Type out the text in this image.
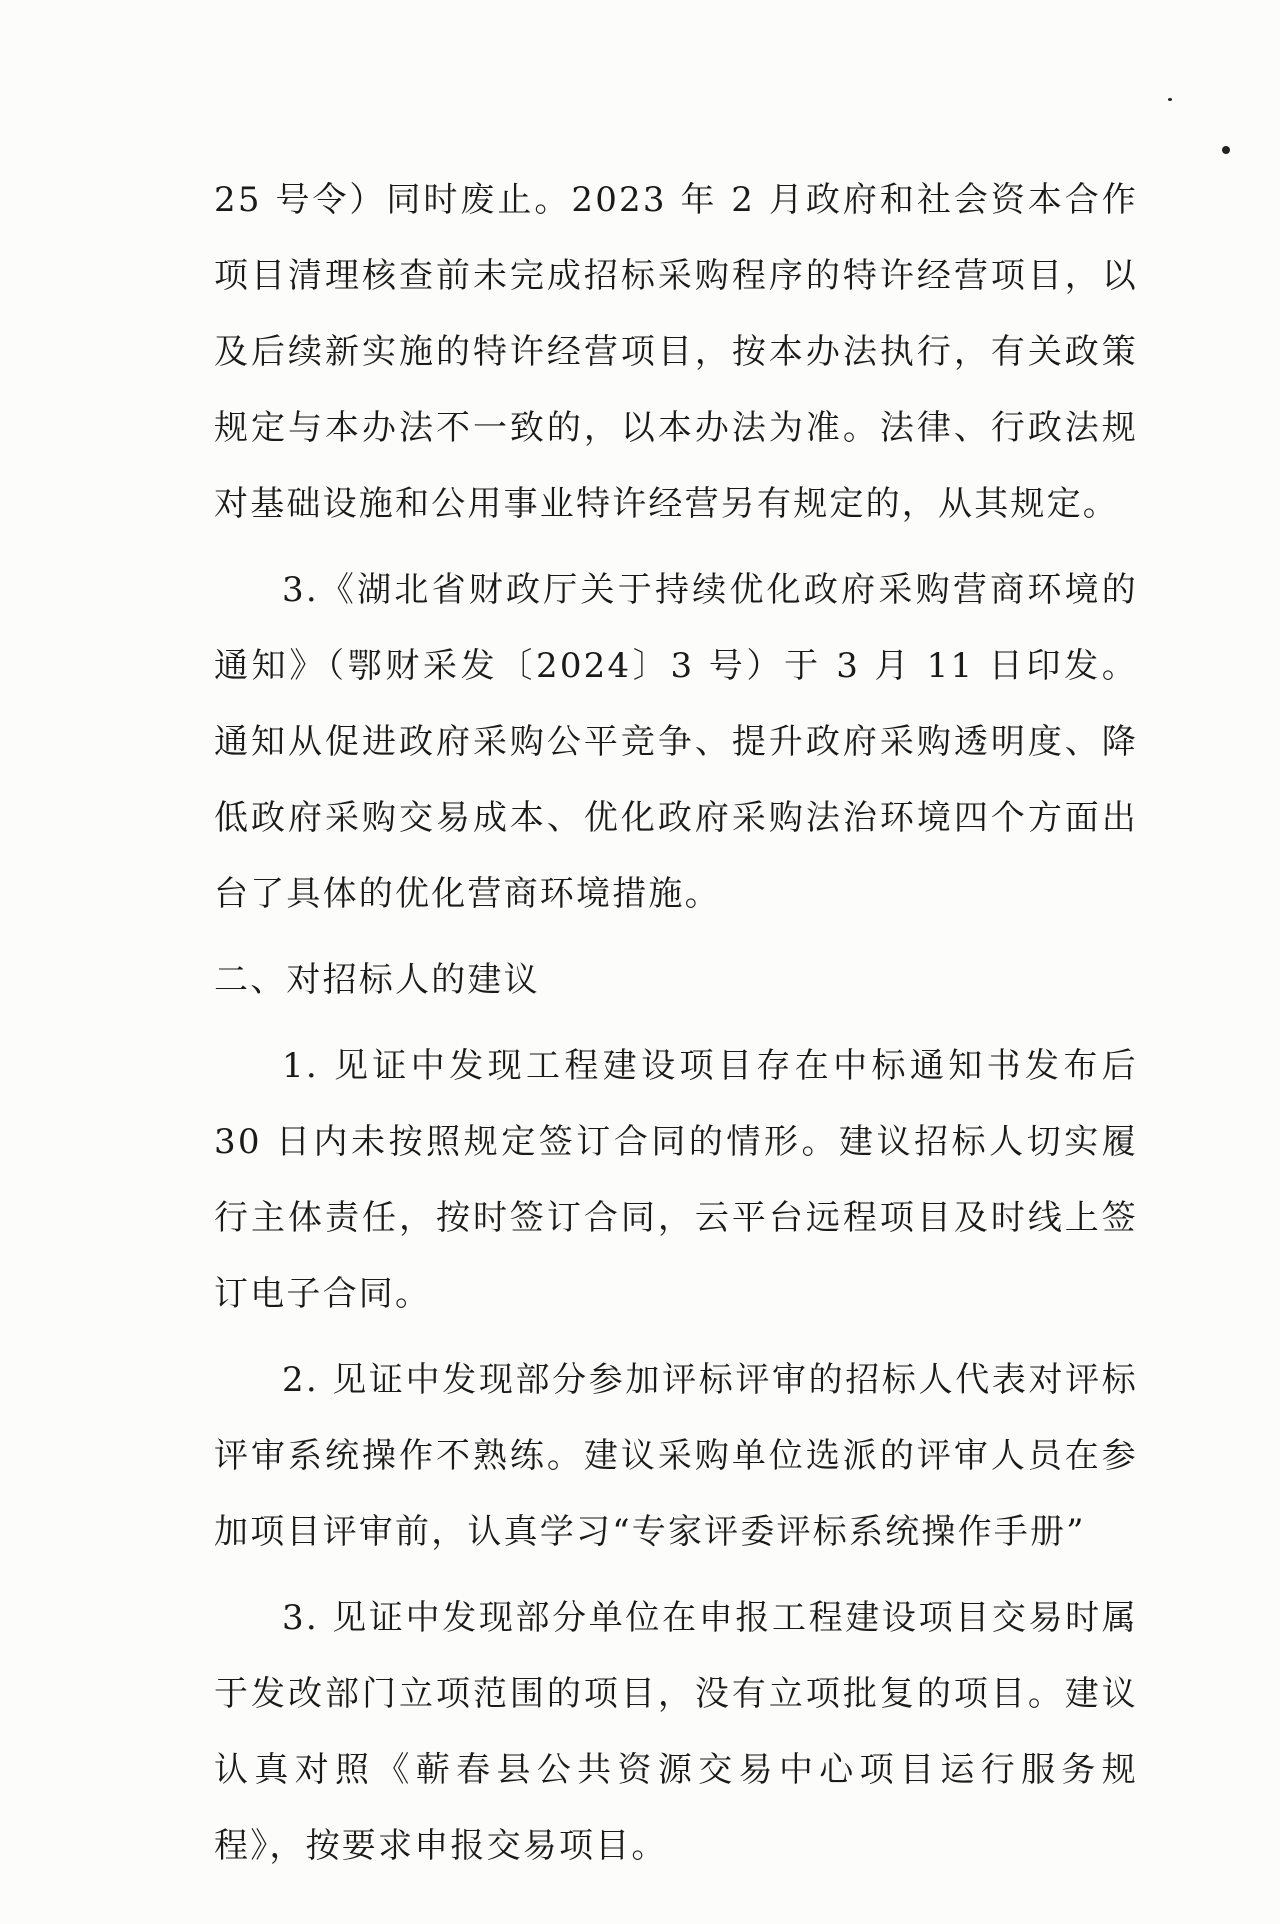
25 号令）同时废止。2023 年 2 月政府和社会资本合作项目清理核查前未完成招标采购程序的特许经营项目，以及后续新实施的特许经营项目，按本办法执行，有关政策规定与本办法不一致的，以本办法为准。法律、行政法规对基础设施和公用事业特许经营另有规定的，从其规定。

3.《湖北省财政厅关于持续优化政府采购营商环境的通知》（鄂财采发〔2024〕3 号）于 3 月 11 日印发。通知从促进政府采购公平竞争、提升政府采购透明度、降低政府采购交易成本、优化政府采购法治环境四个方面出台了具体的优化营商环境措施。

二、对招标人的建议

1. 见证中发现工程建设项目存在中标通知书发布后 30 日内未按照规定签订合同的情形。建议招标人切实履行主体责任，按时签订合同，云平台远程项目及时线上签订电子合同。

2. 见证中发现部分参加评标评审的招标人代表对评标评审系统操作不熟练。建议采购单位选派的评审人员在参加项目评审前，认真学习“专家评委评标系统操作手册”

3. 见证中发现部分单位在申报工程建设项目交易时属于发改部门立项范围的项目，没有立项批复的项目。建议认真对照《蕲春县公共资源交易中心项目运行服务规程》，按要求申报交易项目。
